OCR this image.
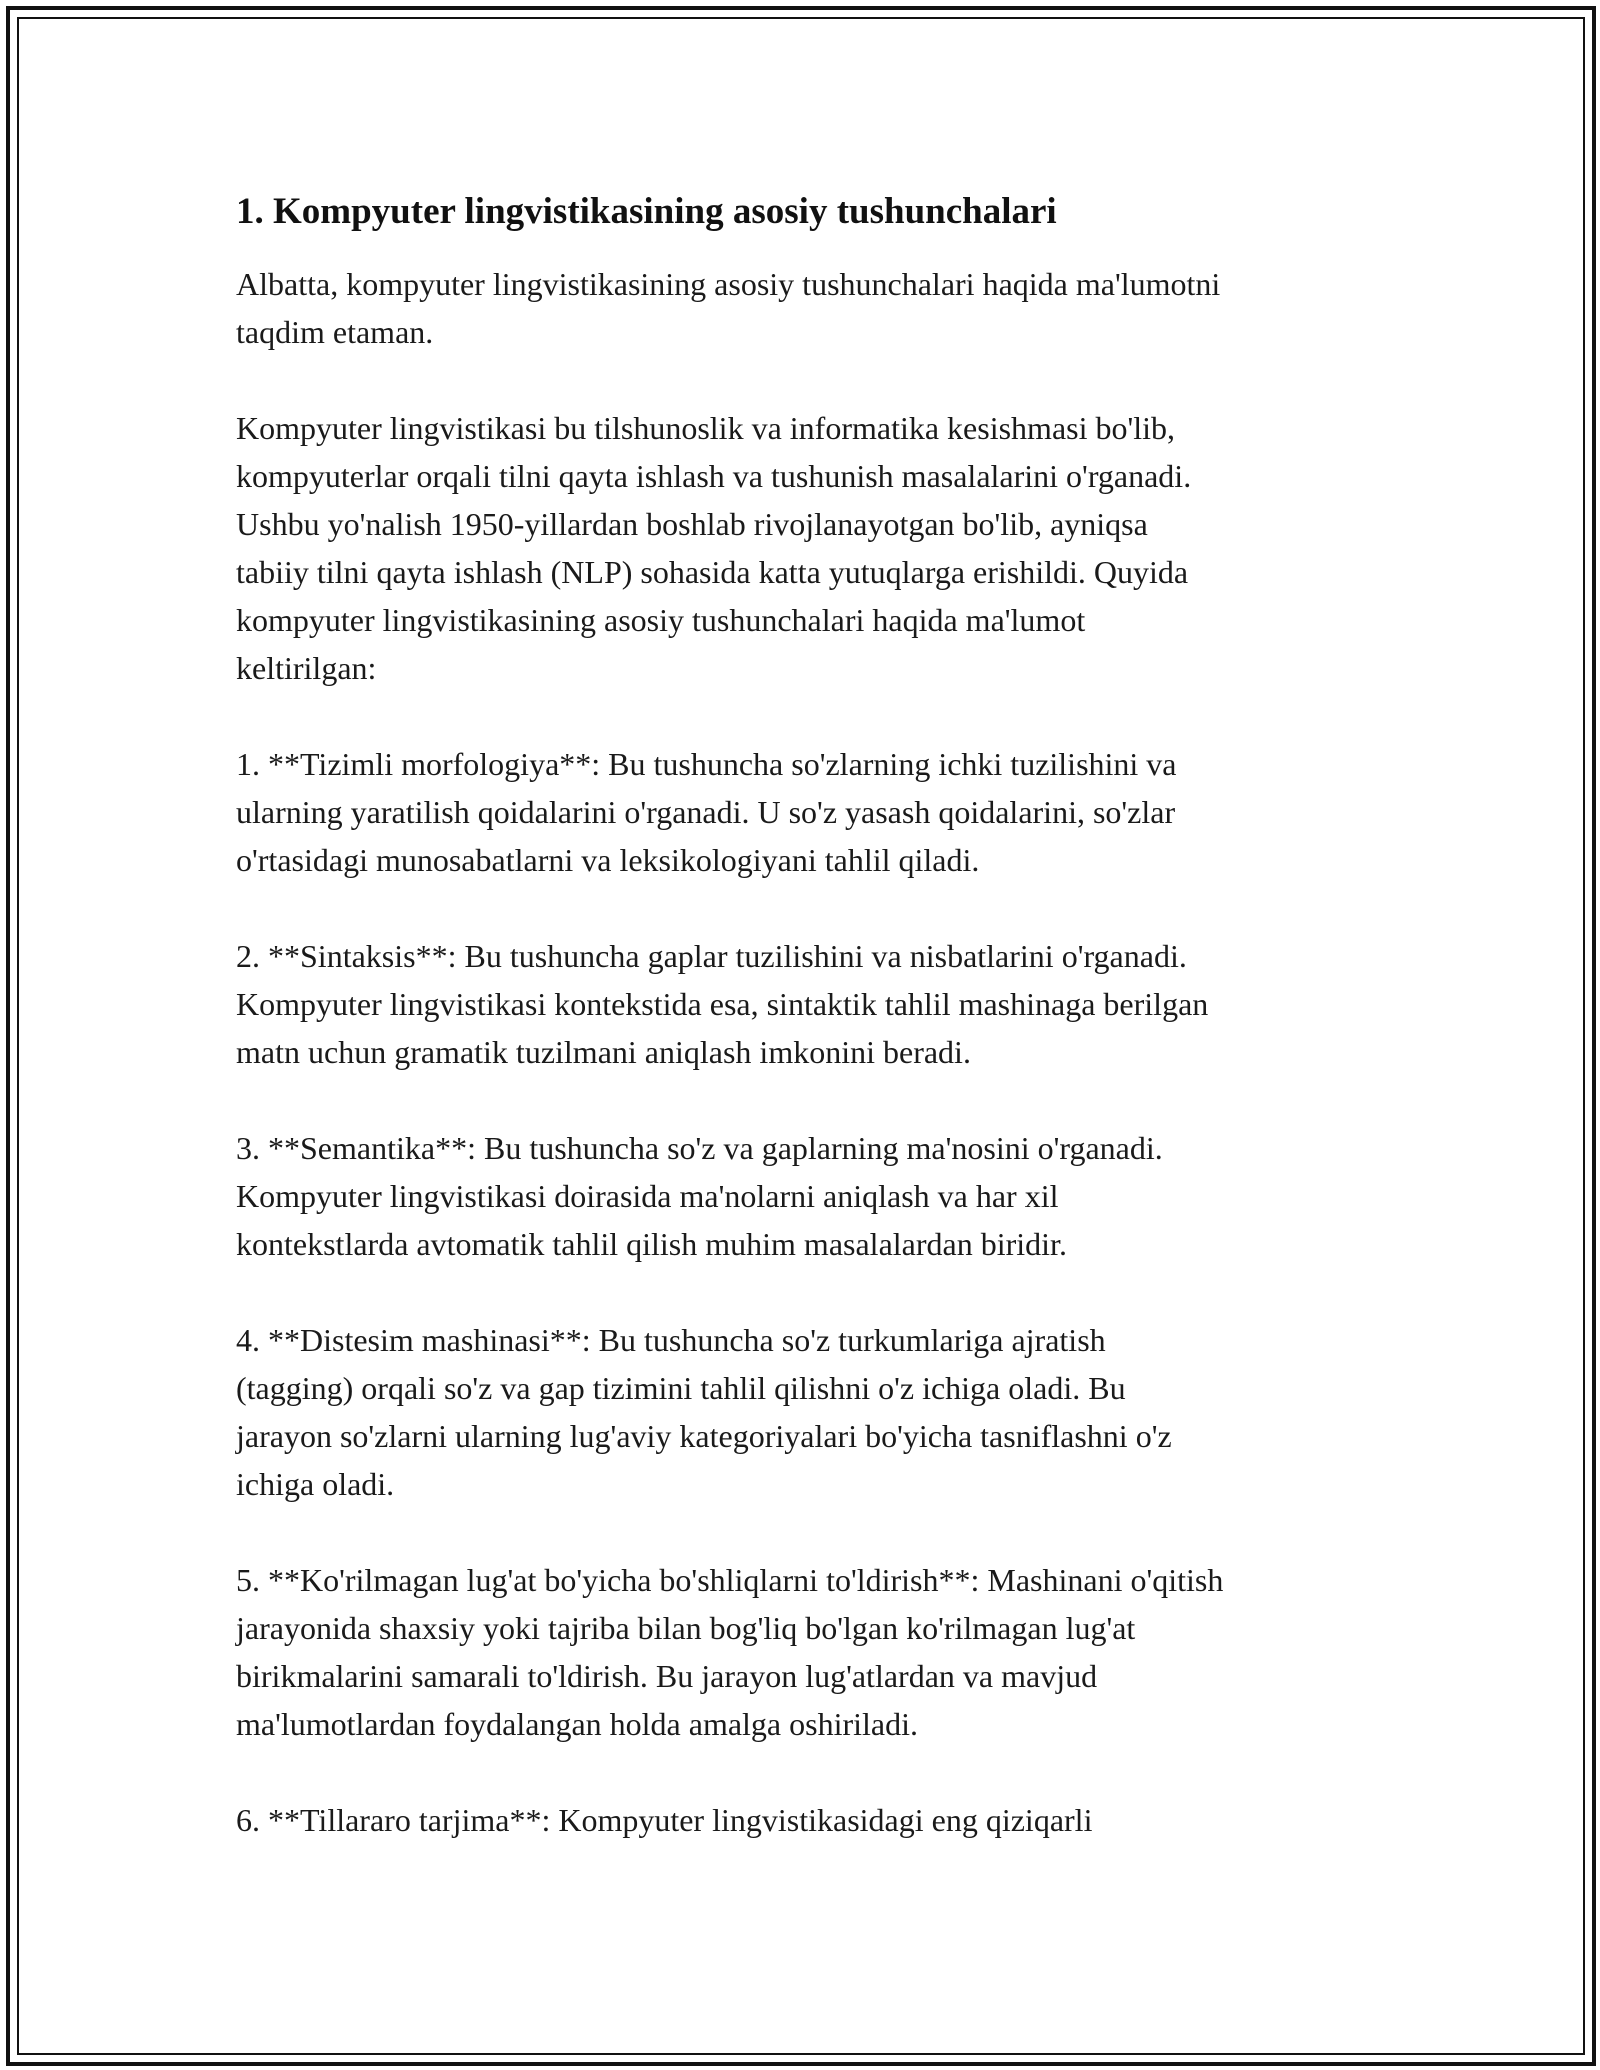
1. Kompyuter lingvistikasining asosiy tushunchalari

Albatta, kompyuter lingvistikasining asosiy tushunchalari haqida ma'lumotni
taqdim etaman.

Kompyuter lingvistikasi bu tilshunoslik va informatika kesishmasi bo'lib,
kompyuterlar orqali tilni qayta ishlash va tushunish masalalarini o'rganadi.
Ushbu yo'nalish 1950-yillardan boshlab rivojlanayotgan bo'lib, ayniqsa
tabiiy tilni qayta ishlash (NLP) sohasida katta yutuqlarga erishildi. Quyida
kompyuter lingvistikasining asosiy tushunchalari haqida ma'lumot
keltirilgan:

1. **Tizimli morfologiya**: Bu tushuncha so'zlarning ichki tuzilishini va
ularning yaratilish qoidalarini o'rganadi. U so'z yasash qoidalarini, so'zlar
o'rtasidagi munosabatlarni va leksikologiyani tahlil qiladi.

2. **Sintaksis**: Bu tushuncha gaplar tuzilishini va nisbatlarini o'rganadi.
Kompyuter lingvistikasi kontekstida esa, sintaktik tahlil mashinaga berilgan
matn uchun gramatik tuzilmani aniqlash imkonini beradi.

3. **Semantika**: Bu tushuncha so'z va gaplarning ma'nosini o'rganadi.
Kompyuter lingvistikasi doirasida ma'nolarni aniqlash va har xil
kontekstlarda avtomatik tahlil qilish muhim masalalardan biridir.

4. **Distesim mashinasi**: Bu tushuncha so'z turkumlariga ajratish
(tagging) orqali so'z va gap tizimini tahlil qilishni o'z ichiga oladi. Bu
jarayon so'zlarni ularning lug'aviy kategoriyalari bo'yicha tasniflashni o'z
ichiga oladi.

5. **Ko'rilmagan lug'at bo'yicha bo'shliqlarni to'ldirish**: Mashinani o'qitish
jarayonida shaxsiy yoki tajriba bilan bog'liq bo'lgan ko'rilmagan lug'at
birikmalarini samarali to'ldirish. Bu jarayon lug'atlardan va mavjud
ma'lumotlardan foydalangan holda amalga oshiriladi.

6. **Tillararo tarjima**: Kompyuter lingvistikasidagi eng qiziqarli
